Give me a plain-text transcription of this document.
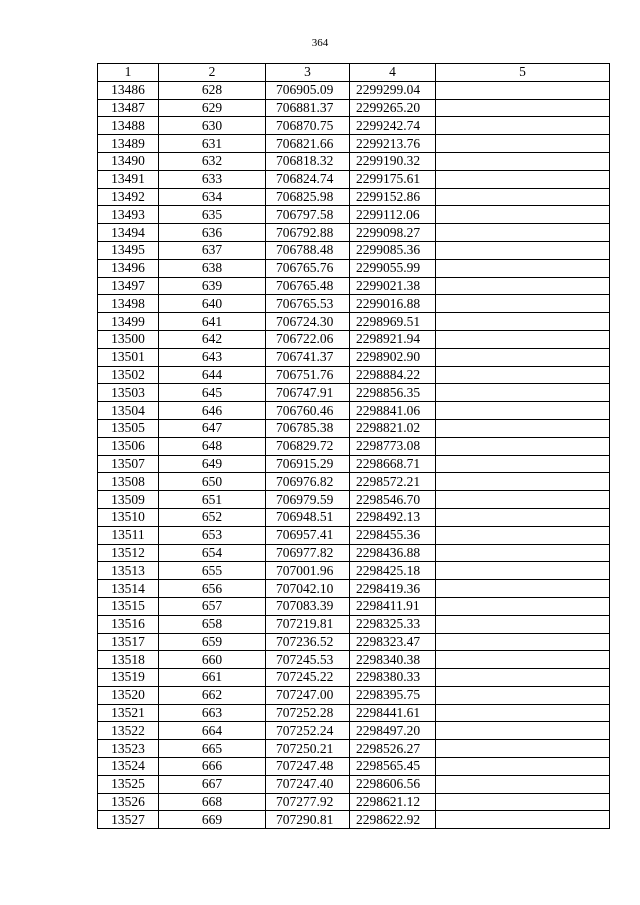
364
1	2	3	4	5
13486	628	706905.09	2299299.04	
13487	629	706881.37	2299265.20	
13488	630	706870.75	2299242.74	
13489	631	706821.66	2299213.76	
13490	632	706818.32	2299190.32	
13491	633	706824.74	2299175.61	
13492	634	706825.98	2299152.86	
13493	635	706797.58	2299112.06	
13494	636	706792.88	2299098.27	
13495	637	706788.48	2299085.36	
13496	638	706765.76	2299055.99	
13497	639	706765.48	2299021.38	
13498	640	706765.53	2299016.88	
13499	641	706724.30	2298969.51	
13500	642	706722.06	2298921.94	
13501	643	706741.37	2298902.90	
13502	644	706751.76	2298884.22	
13503	645	706747.91	2298856.35	
13504	646	706760.46	2298841.06	
13505	647	706785.38	2298821.02	
13506	648	706829.72	2298773.08	
13507	649	706915.29	2298668.71	
13508	650	706976.82	2298572.21	
13509	651	706979.59	2298546.70	
13510	652	706948.51	2298492.13	
13511	653	706957.41	2298455.36	
13512	654	706977.82	2298436.88	
13513	655	707001.96	2298425.18	
13514	656	707042.10	2298419.36	
13515	657	707083.39	2298411.91	
13516	658	707219.81	2298325.33	
13517	659	707236.52	2298323.47	
13518	660	707245.53	2298340.38	
13519	661	707245.22	2298380.33	
13520	662	707247.00	2298395.75	
13521	663	707252.28	2298441.61	
13522	664	707252.24	2298497.20	
13523	665	707250.21	2298526.27	
13524	666	707247.48	2298565.45	
13525	667	707247.40	2298606.56	
13526	668	707277.92	2298621.12	
13527	669	707290.81	2298622.92	
